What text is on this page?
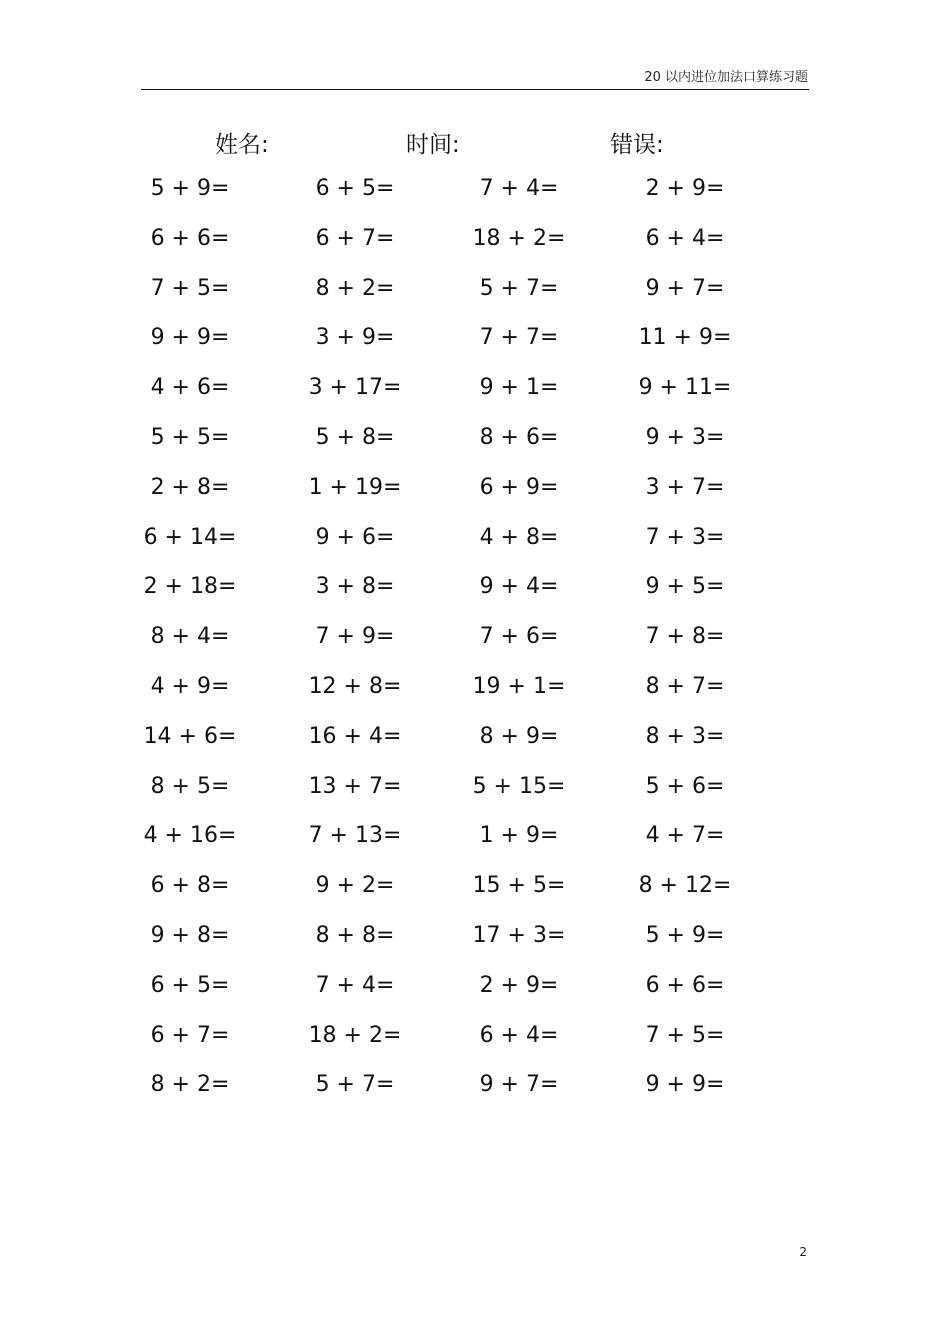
20 以内进位加法口算练习题
姓名:	时间:	错误:
5 + 9=	6 + 5=	7 + 4=	2 + 9=
6 + 6=	6 + 7=	18 + 2=	6 + 4=
7 + 5=	8 + 2=	5 + 7=	9 + 7=
9 + 9=	3 + 9=	7 + 7=	11 + 9=
4 + 6=	3 + 17=	9 + 1=	9 + 11=
5 + 5=	5 + 8=	8 + 6=	9 + 3=
2 + 8=	1 + 19=	6 + 9=	3 + 7=
6 + 14=	9 + 6=	4 + 8=	7 + 3=
2 + 18=	3 + 8=	9 + 4=	9 + 5=
8 + 4=	7 + 9=	7 + 6=	7 + 8=
4 + 9=	12 + 8=	19 + 1=	8 + 7=
14 + 6=	16 + 4=	8 + 9=	8 + 3=
8 + 5=	13 + 7=	5 + 15=	5 + 6=
4 + 16=	7 + 13=	1 + 9=	4 + 7=
6 + 8=	9 + 2=	15 + 5=	8 + 12=
9 + 8=	8 + 8=	17 + 3=	5 + 9=
6 + 5=	7 + 4=	2 + 9=	6 + 6=
6 + 7=	18 + 2=	6 + 4=	7 + 5=
8 + 2=	5 + 7=	9 + 7=	9 + 9=
2
